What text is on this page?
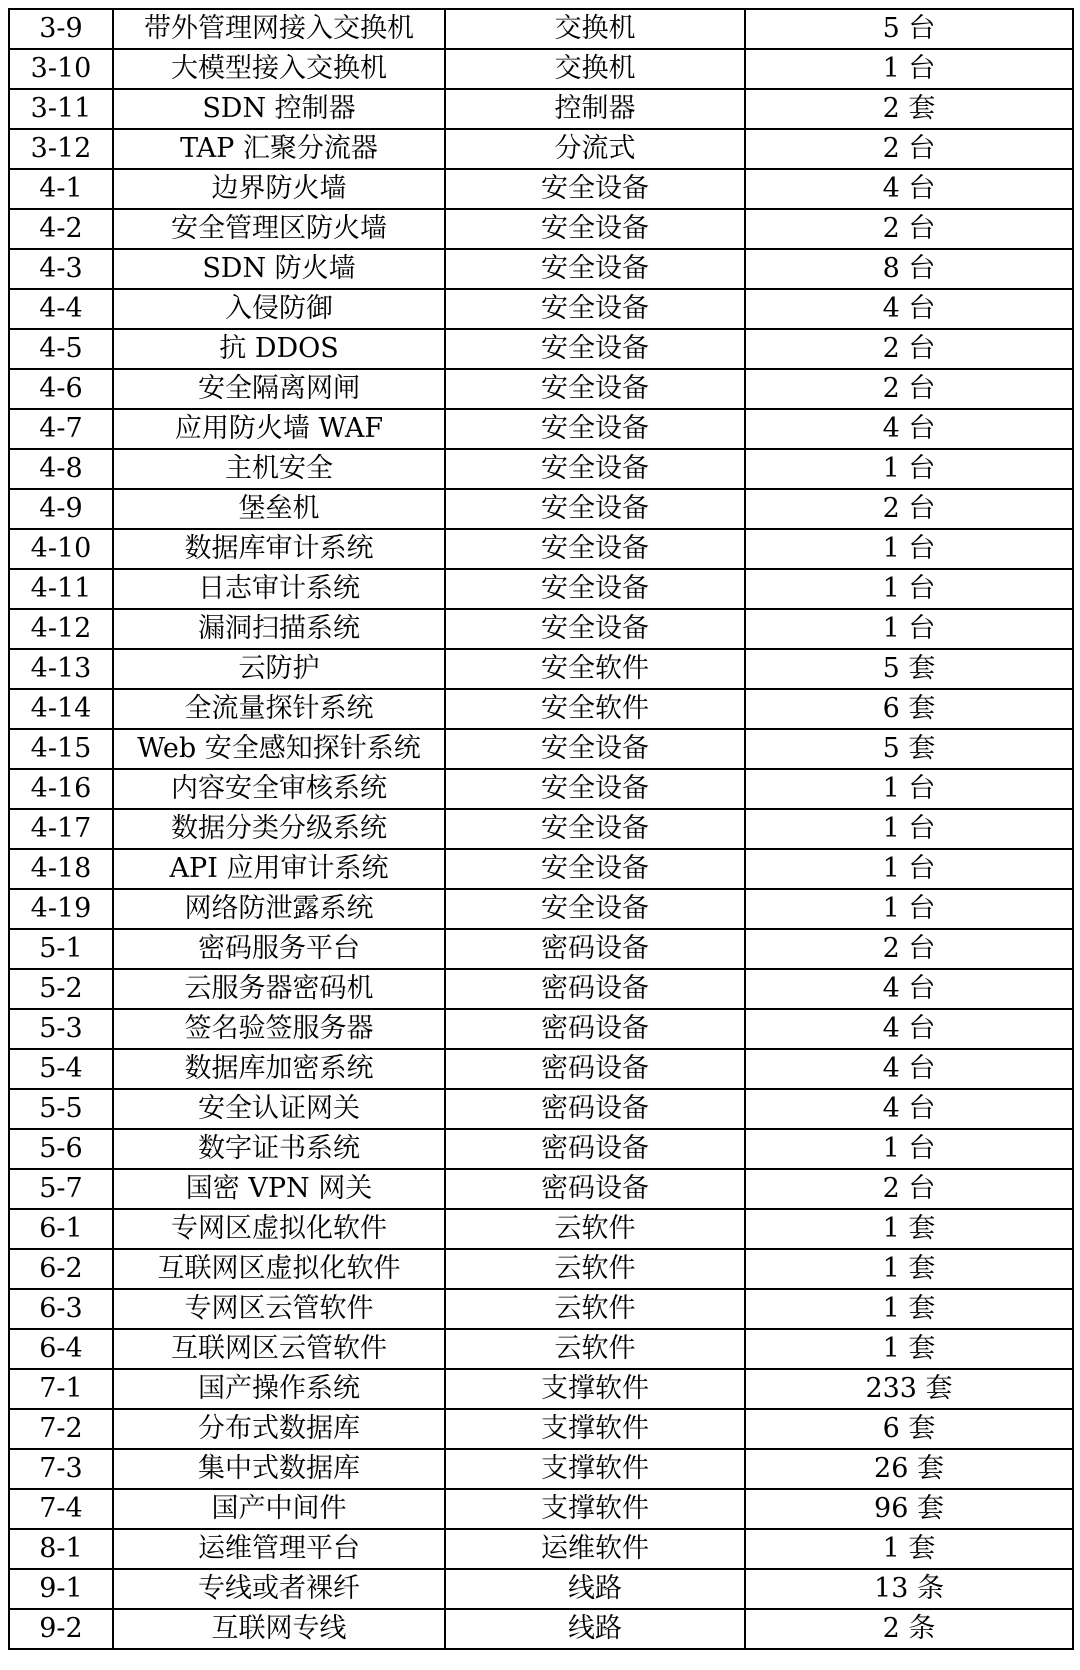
3-9	带外管理网接入交换机	交换机	5 台
3-10	大模型接入交换机	交换机	1 台
3-11	SDN 控制器	控制器	2 套
3-12	TAP 汇聚分流器	分流式	2 台
4-1	边界防火墙	安全设备	4 台
4-2	安全管理区防火墙	安全设备	2 台
4-3	SDN 防火墙	安全设备	8 台
4-4	入侵防御	安全设备	4 台
4-5	抗 DDOS	安全设备	2 台
4-6	安全隔离网闸	安全设备	2 台
4-7	应用防火墙 WAF	安全设备	4 台
4-8	主机安全	安全设备	1 台
4-9	堡垒机	安全设备	2 台
4-10	数据库审计系统	安全设备	1 台
4-11	日志审计系统	安全设备	1 台
4-12	漏洞扫描系统	安全设备	1 台
4-13	云防护	安全软件	5 套
4-14	全流量探针系统	安全软件	6 套
4-15	Web 安全感知探针系统	安全设备	5 套
4-16	内容安全审核系统	安全设备	1 台
4-17	数据分类分级系统	安全设备	1 台
4-18	API 应用审计系统	安全设备	1 台
4-19	网络防泄露系统	安全设备	1 台
5-1	密码服务平台	密码设备	2 台
5-2	云服务器密码机	密码设备	4 台
5-3	签名验签服务器	密码设备	4 台
5-4	数据库加密系统	密码设备	4 台
5-5	安全认证网关	密码设备	4 台
5-6	数字证书系统	密码设备	1 台
5-7	国密 VPN 网关	密码设备	2 台
6-1	专网区虚拟化软件	云软件	1 套
6-2	互联网区虚拟化软件	云软件	1 套
6-3	专网区云管软件	云软件	1 套
6-4	互联网区云管软件	云软件	1 套
7-1	国产操作系统	支撑软件	233 套
7-2	分布式数据库	支撑软件	6 套
7-3	集中式数据库	支撑软件	26 套
7-4	国产中间件	支撑软件	96 套
8-1	运维管理平台	运维软件	1 套
9-1	专线或者裸纤	线路	13 条
9-2	互联网专线	线路	2 条
